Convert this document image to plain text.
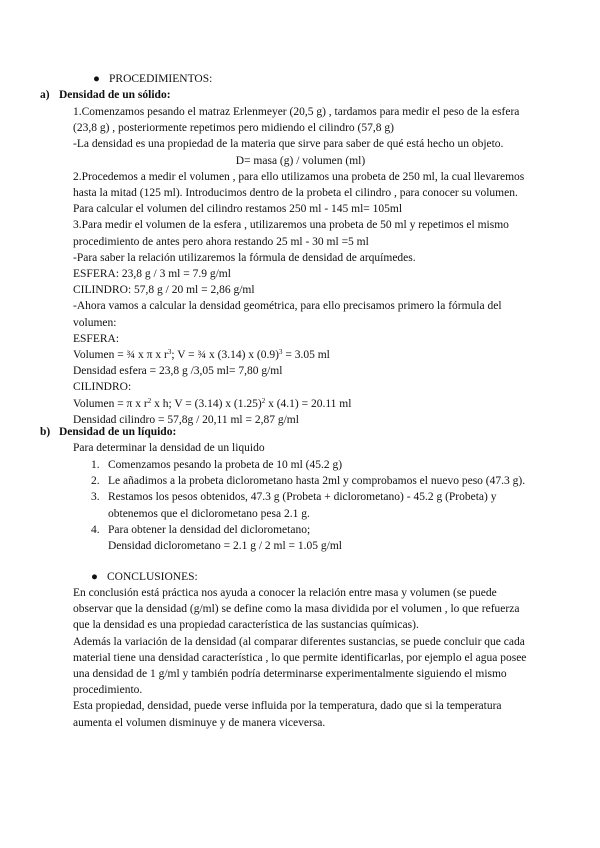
● PROCEDIMIENTOS:
a) Densidad de un sólido:

1.Comenzamos pesando el matraz Erlenmeyer (20,5 g) , tardamos para medir el peso de la esfera (23,8 g) , posteriormente repetimos pero midiendo el cilindro (57,8 g)

-La densidad es una propiedad de la materia que sirve para saber de qué está hecho un objeto.

D= masa (g) / volumen (ml)

2.Procedemos a medir el volumen , para ello utilizamos una probeta de 250 ml, la cual llevaremos hasta la mitad (125 ml). Introducimos dentro de la probeta el cilindro , para conocer su volumen. Para calcular el volumen del cilindro restamos 250 ml - 145 ml= 105ml

3.Para medir el volumen de la esfera , utilizaremos una probeta de 50 ml y repetimos el mismo procedimiento de antes pero ahora restando 25 ml - 30 ml =5 ml

-Para saber la relación utilizaremos la fórmula de densidad de arquímedes.

ESFERA: 23,8 g / 3 ml = 7.9 g/ml

CILINDRO: 57,8 g / 20 ml = 2,86 g/ml

-Ahora vamos a calcular la densidad geométrica, para ello precisamos primero la fórmula del volumen:

ESFERA:

Volumen = ¾ x π x $r^3$; V = ¾ x (3.14) x $(0.9)^3 = 3.05$ ml

Densidad esfera = 23,8 g /3,05 ml= 7,80 g/ml

CILINDRO:

Volumen = π x $r^2$ x h; V = (3.14) x $(1.25)^2$ x (4.1) = 20.11 ml

Densidad cilindro = 57,8g / 20,11 ml = 2,87 g/ml

b) Densidad de un líquido:

Para determinar la densidad de un liquido

1. Comenzamos pesando la probeta de 10 ml (45.2 g)
2. Le añadimos a la probeta diclorometano hasta 2ml y comprobamos el nuevo peso (47.3 g).
3. Restamos los pesos obtenidos, 47.3 g (Probeta + diclorometano) - 45.2 g (Probeta) y obtenemos que el diclorometano pesa 2.1 g.
4. Para obtener la densidad del diclorometano;
Densidad diclorometano = 2.1 g / 2 ml = 1.05 g/ml
● CONCLUSIONES:

En conclusión está práctica nos ayuda a conocer la relación entre masa y volumen (se puede observar que la densidad (g/ml) se define como la masa dividida por el volumen , lo que refuerza que la densidad es una propiedad característica de las sustancias químicas).

Además la variación de la densidad (al comparar diferentes sustancias, se puede concluir que cada material tiene una densidad característica , lo que permite identificarlas, por ejemplo el agua posee una densidad de 1 g/ml y también podría determinarse experimentalmente siguiendo el mismo procedimiento.

Esta propiedad, densidad, puede verse influida por la temperatura, dado que si la temperatura aumenta el volumen disminuye y de manera viceversa.
